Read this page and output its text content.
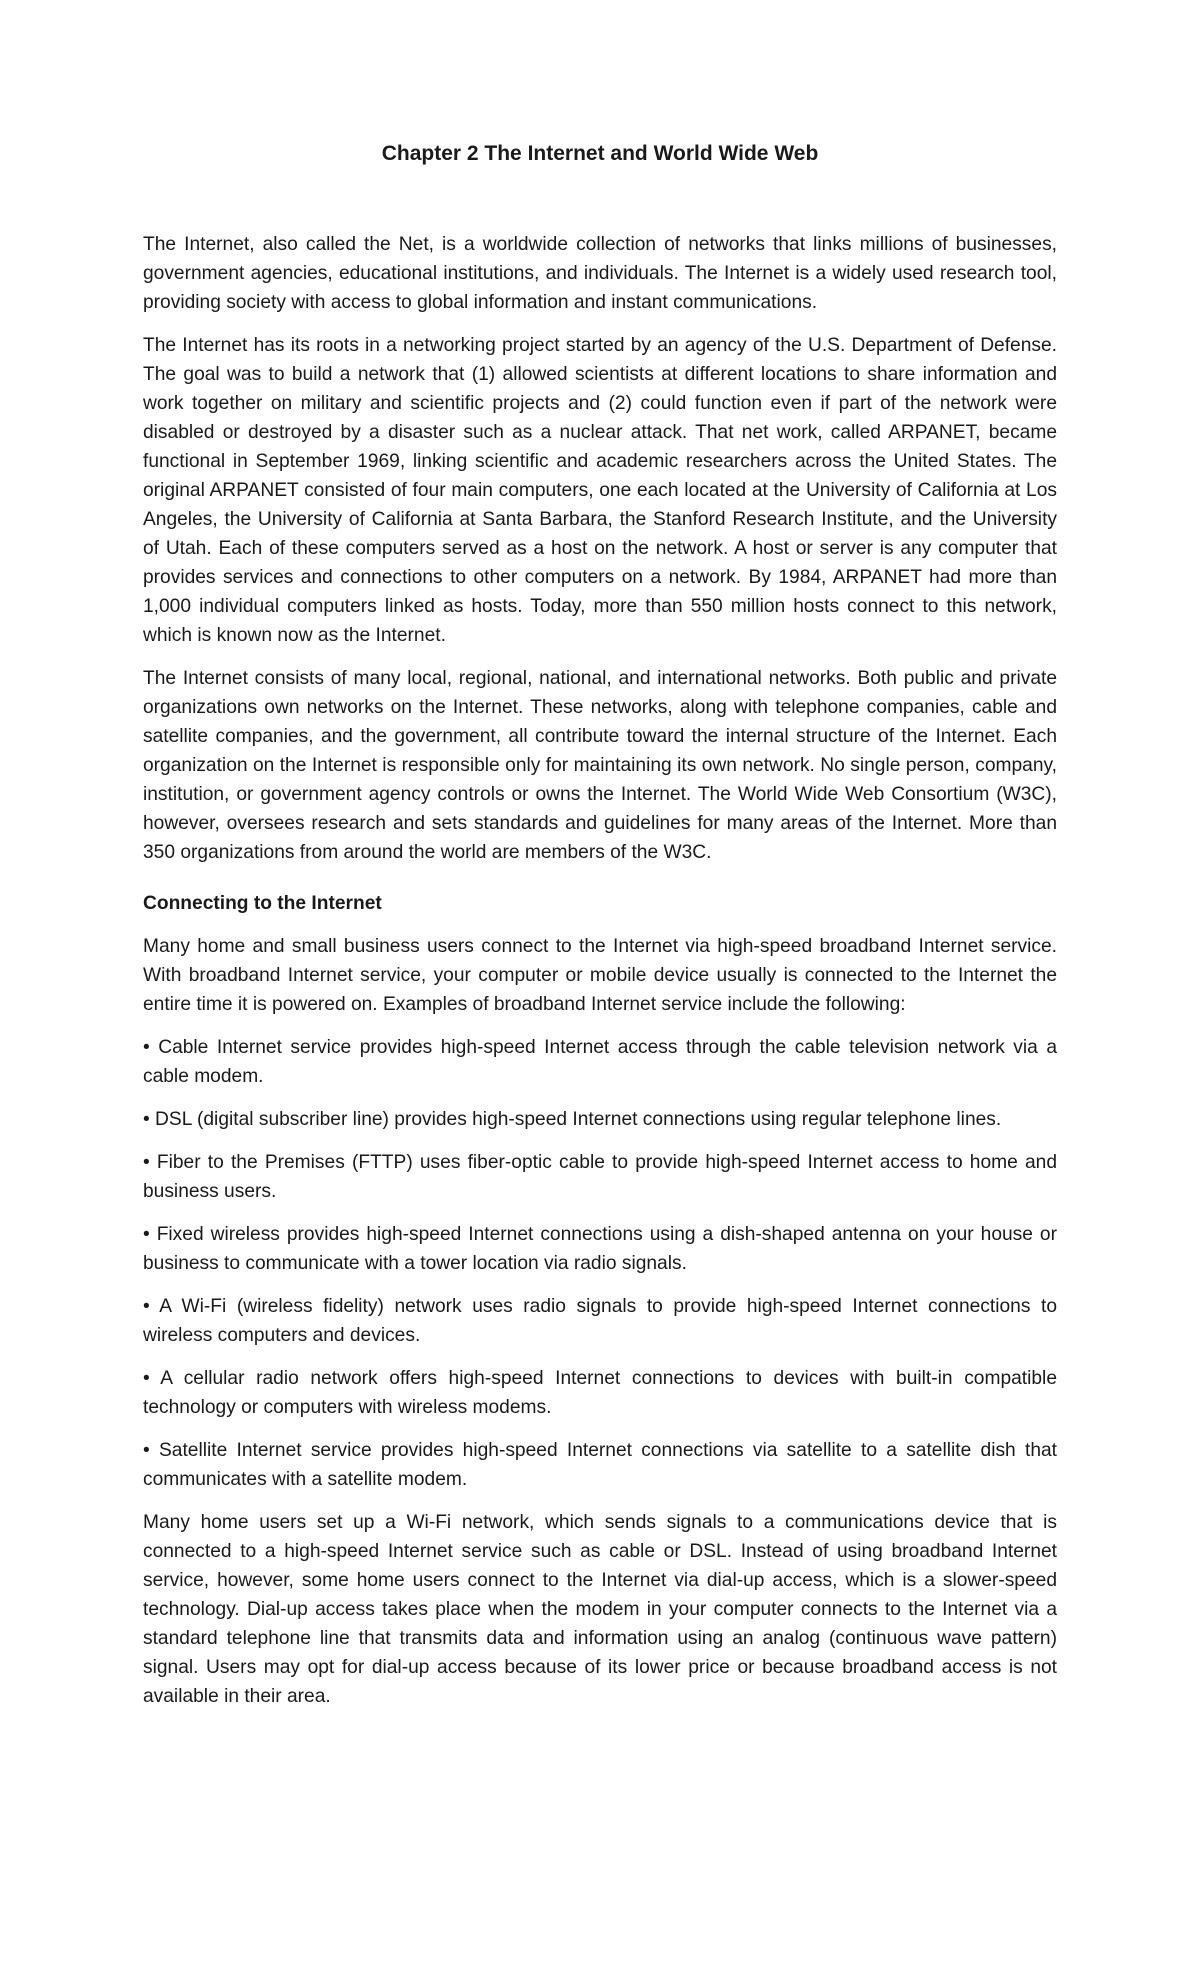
Chapter 2 The Internet and World Wide Web

The Internet, also called the Net, is a worldwide collection of networks that links millions of businesses, government agencies, educational institutions, and individuals. The Internet is a widely used research tool, providing society with access to global information and instant communications.

The Internet has its roots in a networking project started by an agency of the U.S. Department of Defense. The goal was to build a network that (1) allowed scientists at different locations to share information and work together on military and scientific projects and (2) could function even if part of the network were disabled or destroyed by a disaster such as a nuclear attack. That net work, called ARPANET, became functional in September 1969, linking scientific and academic researchers across the United States. The original ARPANET consisted of four main computers, one each located at the University of California at Los Angeles, the University of California at Santa Barbara, the Stanford Research Institute, and the University of Utah. Each of these computers served as a host on the network. A host or server is any computer that provides services and connections to other computers on a network. By 1984, ARPANET had more than 1,000 individual computers linked as hosts. Today, more than 550 million hosts connect to this network, which is known now as the Internet.

The Internet consists of many local, regional, national, and international networks. Both public and private organizations own networks on the Internet. These networks, along with telephone companies, cable and satellite companies, and the government, all contribute toward the internal structure of the Internet. Each organization on the Internet is responsible only for maintaining its own network. No single person, company, institution, or government agency controls or owns the Internet. The World Wide Web Consortium (W3C), however, oversees research and sets standards and guidelines for many areas of the Internet. More than 350 organizations from around the world are members of the W3C.

Connecting to the Internet

Many home and small business users connect to the Internet via high-speed broadband Internet service. With broadband Internet service, your computer or mobile device usually is connected to the Internet the entire time it is powered on. Examples of broadband Internet service include the following:

• Cable Internet service provides high-speed Internet access through the cable television network via a cable modem.

• DSL (digital subscriber line) provides high-speed Internet connections using regular telephone lines.

• Fiber to the Premises (FTTP) uses fiber-optic cable to provide high-speed Internet access to home and business users.

• Fixed wireless provides high-speed Internet connections using a dish-shaped antenna on your house or business to communicate with a tower location via radio signals.

• A Wi-Fi (wireless fidelity) network uses radio signals to provide high-speed Internet connections to wireless computers and devices.

• A cellular radio network offers high-speed Internet connections to devices with built-in compatible technology or computers with wireless modems.

• Satellite Internet service provides high-speed Internet connections via satellite to a satellite dish that communicates with a satellite modem.

Many home users set up a Wi-Fi network, which sends signals to a communications device that is connected to a high-speed Internet service such as cable or DSL. Instead of using broadband Internet service, however, some home users connect to the Internet via dial-up access, which is a slower-speed technology. Dial-up access takes place when the modem in your computer connects to the Internet via a standard telephone line that transmits data and information using an analog (continuous wave pattern) signal. Users may opt for dial-up access because of its lower price or because broadband access is not available in their area.
